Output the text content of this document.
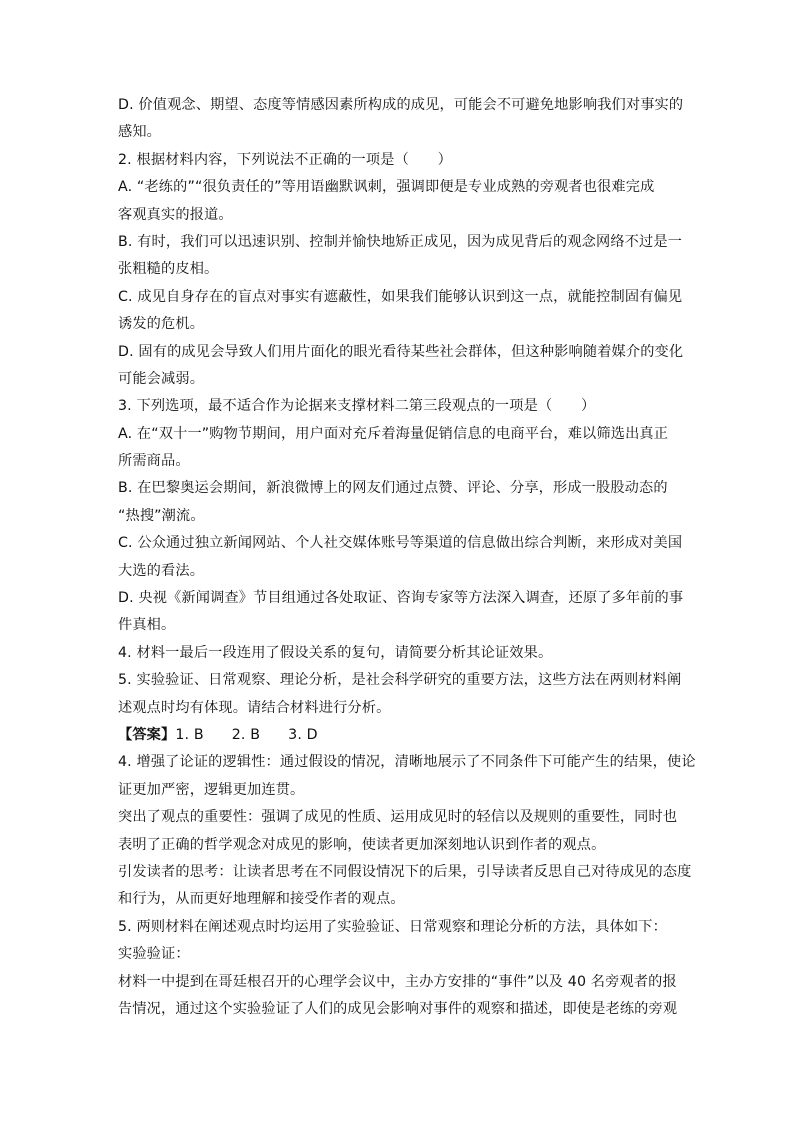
D. 价值观念、期望、态度等情感因素所构成的成见，可能会不可避免地影响我们对事实的
感知。
2. 根据材料内容，下列说法不正确的一项是（　　）
A. “老练的”“很负责任的”等用语幽默讽刺，强调即便是专业成熟的旁观者也很难完成
客观真实的报道。
B. 有时，我们可以迅速识别、控制并愉快地矫正成见，因为成见背后的观念网络不过是一
张粗糙的皮相。
C. 成见自身存在的盲点对事实有遮蔽性，如果我们能够认识到这一点，就能控制固有偏见
诱发的危机。
D. 固有的成见会导致人们用片面化的眼光看待某些社会群体，但这种影响随着媒介的变化
可能会减弱。
3. 下列选项，最不适合作为论据来支撑材料二第三段观点的一项是（　　）
A. 在“双十一”购物节期间，用户面对充斥着海量促销信息的电商平台，难以筛选出真正
所需商品。
B. 在巴黎奥运会期间，新浪微博上的网友们通过点赞、评论、分享，形成一股股动态的
“热搜”潮流。
C. 公众通过独立新闻网站、个人社交媒体账号等渠道的信息做出综合判断，来形成对美国
大选的看法。
D. 央视《新闻调查》节目组通过各处取证、咨询专家等方法深入调查，还原了多年前的事
件真相。
4. 材料一最后一段连用了假设关系的复句，请简要分析其论证效果。
5. 实验验证、日常观察、理论分析，是社会科学研究的重要方法，这些方法在两则材料阐
述观点时均有体现。请结合材料进行分析。
【答案】1. B 2. B 3. D
4. 增强了论证的逻辑性：通过假设的情况，清晰地展示了不同条件下可能产生的结果，使论
证更加严密，逻辑更加连贯。
突出了观点的重要性：强调了成见的性质、运用成见时的轻信以及规则的重要性，同时也
表明了正确的哲学观念对成见的影响，使读者更加深刻地认识到作者的观点。
引发读者的思考：让读者思考在不同假设情况下的后果，引导读者反思自己对待成见的态度
和行为，从而更好地理解和接受作者的观点。
5. 两则材料在阐述观点时均运用了实验验证、日常观察和理论分析的方法，具体如下：
实验验证：
材料一中提到在哥廷根召开的心理学会议中，主办方安排的“事件”以及 40 名旁观者的报
告情况，通过这个实验验证了人们的成见会影响对事件的观察和描述，即使是老练的旁观
